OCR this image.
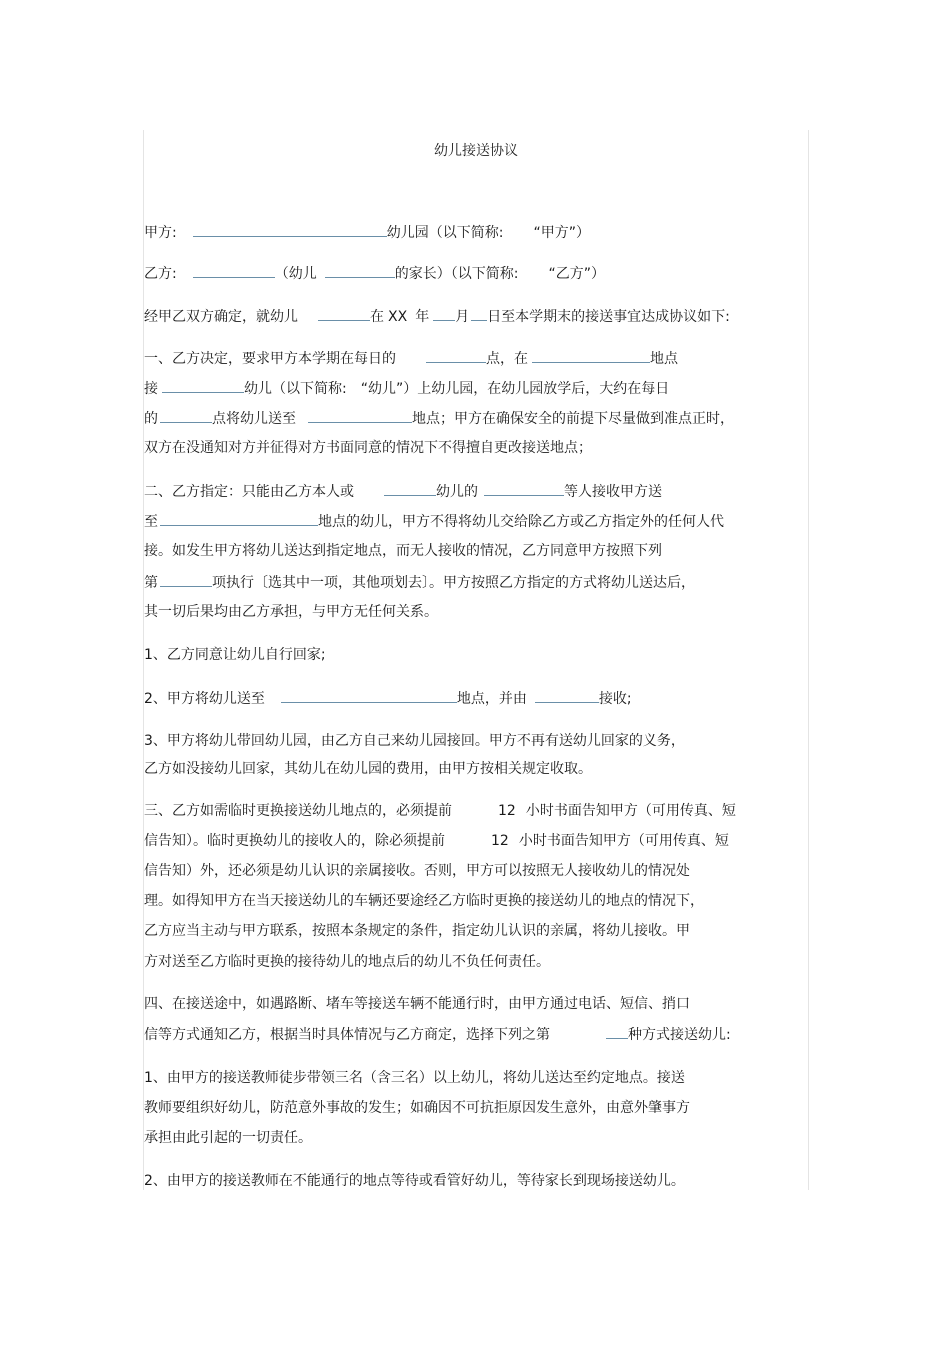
幼儿接送协议
甲方:	幼儿园（以下简称: “甲方”）
乙方:	（幼儿	的家长）（以下简称: “乙方”）
经甲乙双方确定，就幼儿	在 XX 年 月 日至本学期末的接送事宜达成协议如下:
一、乙方决定，要求甲方本学期在每日的	点，在	地点
接	幼儿（以下简称: “幼儿”）上幼儿园，在幼儿园放学后，大约在每日
的	点将幼儿送至	地点；甲方在确保安全的前提下尽量做到准点正时，
双方在没通知对方并征得对方书面同意的情况下不得擅自更改接送地点；
二、乙方指定：只能由乙方本人或	幼儿的	等人接收甲方送
至	地点的幼儿，甲方不得将幼儿交给除乙方或乙方指定外的任何人代
接。如发生甲方将幼儿送达到指定地点，而无人接收的情况，乙方同意甲方按照下列
第	项执行〔选其中一项，其他项划去〕。甲方按照乙方指定的方式将幼儿送达后，
其一切后果均由乙方承担，与甲方无任何关系。
1、乙方同意让幼儿自行回家;
2、甲方将幼儿送至	地点，并由	接收;
3、甲方将幼儿带回幼儿园，由乙方自己来幼儿园接回。甲方不再有送幼儿回家的义务，
乙方如没接幼儿回家，其幼儿在幼儿园的费用，由甲方按相关规定收取。
三、乙方如需临时更换接送幼儿地点的，必须提前	12 小时书面告知甲方（可用传真、短
信告知）。临时更换幼儿的接收人的，除必须提前	12 小时书面告知甲方（可用传真、短
信告知）外，还必须是幼儿认识的亲属接收。否则，甲方可以按照无人接收幼儿的情况处
理。如得知甲方在当天接送幼儿的车辆还要途经乙方临时更换的接送幼儿的地点的情况下，
乙方应当主动与甲方联系，按照本条规定的条件，指定幼儿认识的亲属，将幼儿接收。甲
方对送至乙方临时更换的接待幼儿的地点后的幼儿不负任何责任。
四、在接送途中，如遇路断、堵车等接送车辆不能通行时，由甲方通过电话、短信、捎口
信等方式通知乙方，根据当时具体情况与乙方商定，选择下列之第	种方式接送幼儿:
1、由甲方的接送教师徒步带领三名（含三名）以上幼儿，将幼儿送达至约定地点。接送
教师要组织好幼儿，防范意外事故的发生；如确因不可抗拒原因发生意外，由意外肇事方
承担由此引起的一切责任。
2、由甲方的接送教师在不能通行的地点等待或看管好幼儿，等待家长到现场接送幼儿。
